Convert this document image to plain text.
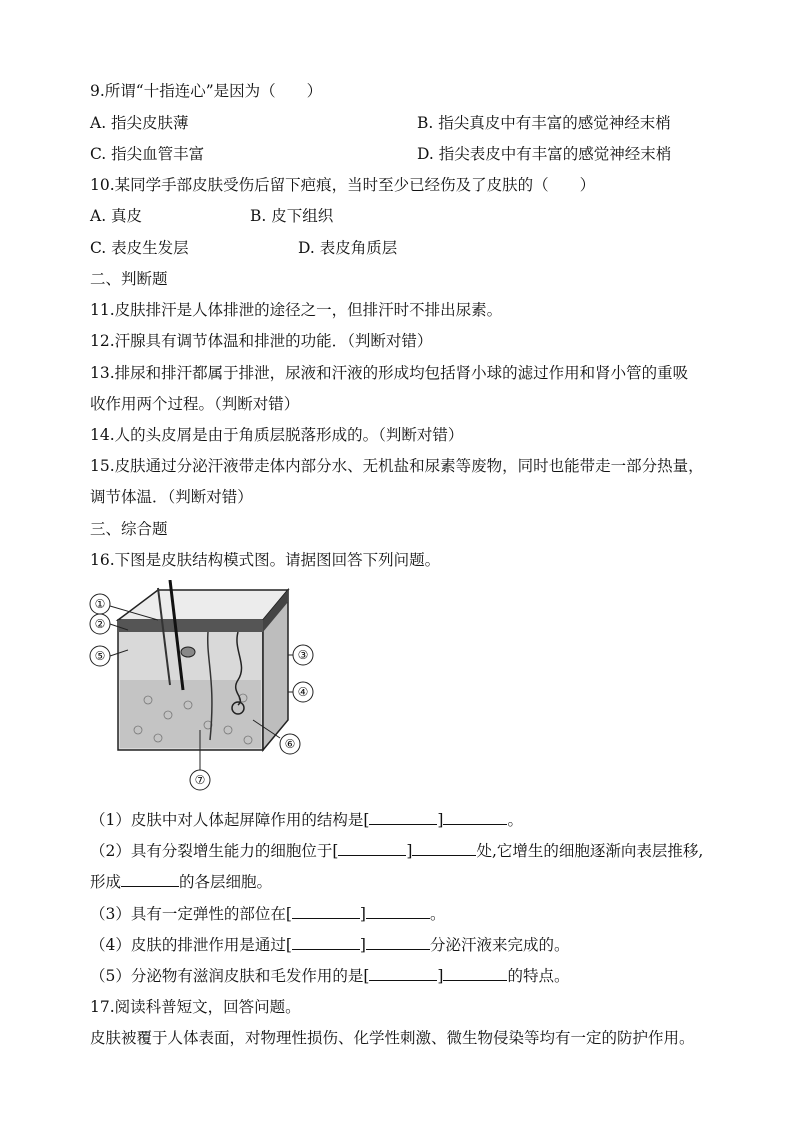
9.所谓“十指连心”是因为（　　）
A. 指尖皮肤薄	B. 指尖真皮中有丰富的感觉神经末梢
C. 指尖血管丰富	D. 指尖表皮中有丰富的感觉神经末梢
10.某同学手部皮肤受伤后留下疤痕，当时至少已经伤及了皮肤的（　　）
A. 真皮	B. 皮下组织
C. 表皮生发层	D. 表皮角质层
二、判断题
11.皮肤排汗是人体排泄的途径之一，但排汗时不排出尿素。
12.汗腺具有调节体温和排泄的功能．（判断对错）
13.排尿和排汗都属于排泄，尿液和汗液的形成均包括肾小球的滤过作用和肾小管的重吸
收作用两个过程。（判断对错）
14.人的头皮屑是由于角质层脱落形成的。（判断对错）
15.皮肤通过分泌汗液带走体内部分水、无机盐和尿素等废物，同时也能带走一部分热量，
调节体温．（判断对错）
三、综合题
16.下图是皮肤结构模式图。请据图回答下列问题。
①
②
⑤	③
④
⑥
⑦
（1）皮肤中对人体起屏障作用的结构是[	]	。
（2）具有分裂增生能力的细胞位于[	]	处,它增生的细胞逐渐向表层推移,
形成	的各层细胞。
（3）具有一定弹性的部位在[	]	。
（4）皮肤的排泄作用是通过[	]	分泌汗液来完成的。
（5）分泌物有滋润皮肤和毛发作用的是[	]	的特点。
17.阅读科普短文，回答问题。
皮肤被覆于人体表面，对物理性损伤、化学性刺激、微生物侵染等均有一定的防护作用。
